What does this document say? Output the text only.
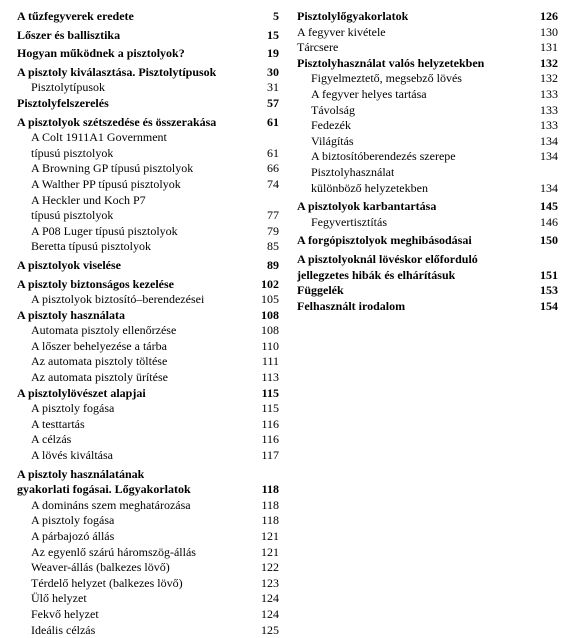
A tűzfegyverek eredete	5
Lőszer és ballisztika	15
Hogyan működnek a pisztolyok?	19
A pisztoly kiválasztása. Pisztolytípusok	30
Pisztolytípusok	31
Pisztolyfelszerelés	57
A pisztolyok szétszedése és összerakása	61
A Colt 1911A1 Government
típusú pisztolyok	61
A Browning GP típusú pisztolyok	66
A Walther PP típusú pisztolyok	74
A Heckler und Koch P7
típusú pisztolyok	77
A P08 Luger típusú pisztolyok	79
Beretta típusú pisztolyok	85
A pisztolyok viselése	89
A pisztoly biztonságos kezelése	102
A pisztolyok biztosító–berendezései	105
A pisztoly használata	108
Automata pisztoly ellenőrzése	108
A lőszer behelyezése a tárba	110
Az automata pisztoly töltése	111
Az automata pisztoly ürítése	113
A pisztolylövészet alapjai	115
A pisztoly fogása	115
A testtartás	116
A célzás	116
A lövés kiváltása	117
A pisztoly használatának
gyakorlati fogásai. Lőgyakorlatok	118
A domináns szem meghatározása	118
A pisztoly fogása	118
A párbajozó állás	121
Az egyenlő szárú háromszög-állás	121
Weaver-állás (balkezes lövő)	122
Térdelő helyzet (balkezes lövő)	123
Ülő helyzet	124
Fekvő helyzet	124
Ideális célzás	125
Pisztolylőgyakorlatok	126
A fegyver kivétele	130
Tárcsere	131
Pisztolyhasználat valós helyzetekben	132
Figyelmeztető, megsebző lövés	132
A fegyver helyes tartása	133
Távolság	133
Fedezék	133
Világítás	134
A biztosítóberendezés szerepe	134
Pisztolyhasználat
különböző helyzetekben	134
A pisztolyok karbantartása	145
Fegyvertisztítás	146
A forgópisztolyok meghibásodásai	150
A pisztolyoknál lövéskor előforduló
jellegzetes hibák és elhárításuk	151
Függelék	153
Felhasznált irodalom	154
